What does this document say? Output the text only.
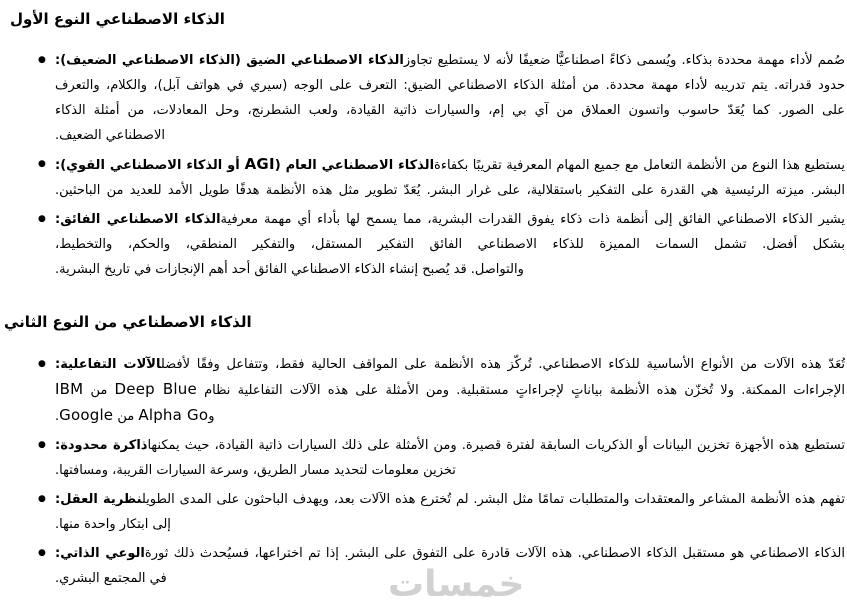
خمسات
الذكاء الاصطناعي النوع الأول
●	صُمم لأداء مهمة محددة بذكاء. ويُسمى ذكاءً اصطناعيًّا ضعيفًا لأنه لا يستطيع تجاوزالذكاء الاصطناعي الضيق (الذكاء الاصطناعي الضعيف):
حدود قدراته. يتم تدريبه لأداء مهمة محددة. من أمثلة الذكاء الاصطناعي الضيق: التعرف على الوجه (سيري في هواتف آبل)، والكلام، والتعرف
على الصور. كما يُعَدّ حاسوب واتسون العملاق من آي بي إم، والسيارات ذاتية القيادة، ولعب الشطرنج، وحل المعادلات، من أمثلة الذكاء
الاصطناعي الضعيف.
●	يستطيع هذا النوع من الأنظمة التعامل مع جميع المهام المعرفية تقريبًا بكفاءةالذكاء الاصطناعي العام (AGI أو الذكاء الاصطناعي القوي):
البشر. ميزته الرئيسية هي القدرة على التفكير باستقلالية، على غرار البشر. يُعَدّ تطوير مثل هذه الأنظمة هدفًا طويل الأمد للعديد من الباحثين.
●	يشير الذكاء الاصطناعي الفائق إلى أنظمة ذات ذكاء يفوق القدرات البشرية، مما يسمح لها بأداء أي مهمة معرفيةالذكاء الاصطناعي الفائق:
بشكل أفضل. تشمل السمات المميزة للذكاء الاصطناعي الفائق التفكير المستقل، والتفكير المنطقي، والحكم، والتخطيط،
والتواصل. قد يُصبح إنشاء الذكاء الاصطناعي الفائق أحد أهم الإنجازات في تاريخ البشرية.
الذكاء الاصطناعي من النوع الثاني
●	تُعَدّ هذه الآلات من الأنواع الأساسية للذكاء الاصطناعي. تُركّز هذه الأنظمة على المواقف الحالية فقط، وتتفاعل وفقًا لأفضلالآلات التفاعلية:
الإجراءات الممكنة. ولا تُخزّن هذه الأنظمة بياناتٍ لإجراءاتٍ مستقبلية. ومن الأمثلة على هذه الآلات التفاعلية نظام Deep Blue من IBM
وAlpha Go من Google.
●	تستطيع هذه الأجهزة تخزين البيانات أو الذكريات السابقة لفترة قصيرة. ومن الأمثلة على ذلك السيارات ذاتية القيادة، حيث يمكنهاذاكرة محدودة:
تخزين معلومات لتحديد مسار الطريق، وسرعة السيارات القريبة، ومسافتها.
●	تفهم هذه الأنظمة المشاعر والمعتقدات والمتطلبات تمامًا مثل البشر. لم تُخترع هذه الآلات بعد، ويهدف الباحثون على المدى الطويلنظرية العقل:
إلى ابتكار واحدة منها.
●	الذكاء الاصطناعي هو مستقبل الذكاء الاصطناعي. هذه الآلات قادرة على التفوق على البشر. إذا تم اختراعها، فسيُحدث ذلك ثورةالوعي الذاتي:
في المجتمع البشري.
